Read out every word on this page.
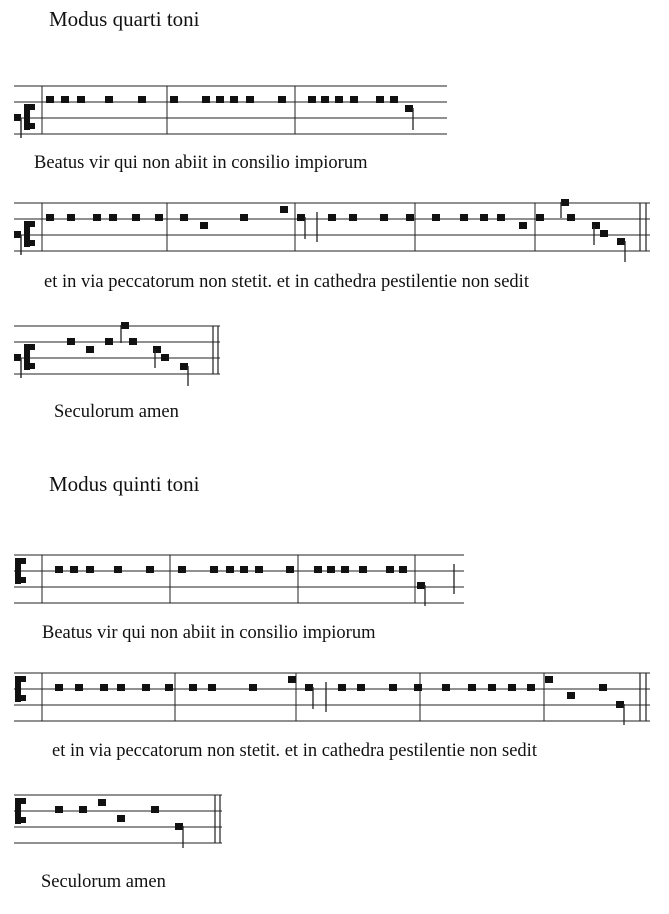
Modus quarti toni
Beatus vir qui non abiit in consilio impiorum
et in via peccatorum non stetit. et in cathedra pestilentie non sedit
Seculorum amen
Modus quinti toni
Beatus vir qui non abiit in consilio impiorum
et in via peccatorum non stetit. et in cathedra pestilentie non sedit
Seculorum amen
